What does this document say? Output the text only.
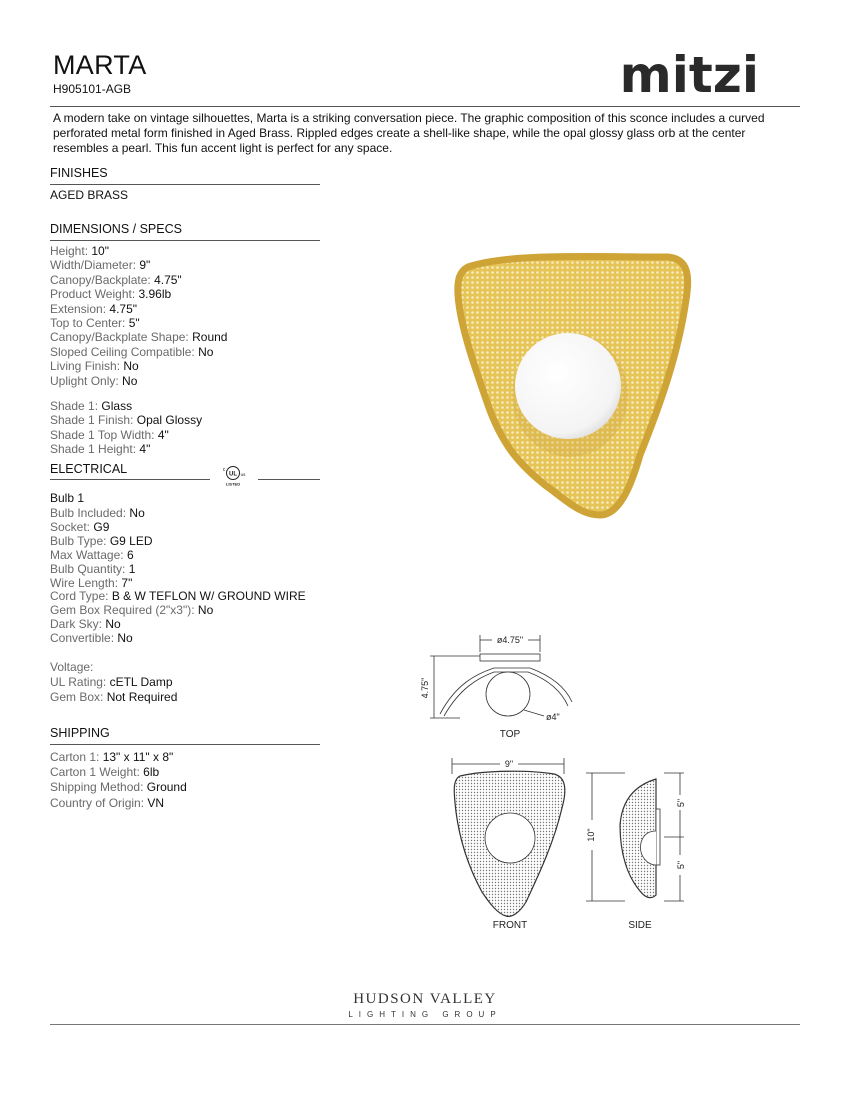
MARTA
H905101-AGB	mitzi
A modern take on vintage silhouettes, Marta is a striking conversation piece. The graphic composition of this sconce includes a curved perforated metal form finished in Aged Brass. Rippled edges create a shell-like shape, while the opal glossy glass orb at the center resembles a pearl. This fun accent light is perfect for any space.
FINISHES
AGED BRASS
DIMENSIONS / SPECS
Height: 10"
Width/Diameter: 9"
Canopy/Backplate: 4.75"
Product Weight: 3.96lb
Extension: 4.75"
Top to Center: 5"
Canopy/Backplate Shape: Round
Sloped Ceiling Compatible: No
Living Finish: No
Uplight Only: No
Shade 1: Glass
Shade 1 Finish: Opal Glossy
Shade 1 Top Width: 4"
Shade 1 Height: 4"
ELECTRICAL	UL
c
us
LISTED
Bulb 1
Bulb Included: No
Socket: G9
Bulb Type: G9 LED
Max Wattage: 6
Bulb Quantity: 1
Wire Length: 7"
Cord Type: B & W TEFLON W/ GROUND WIRE
Gem Box Required (2"x3"): No
Dark Sky: No
Convertible: No
Voltage:
UL Rating: cETL Damp
Gem Box: Not Required
SHIPPING
Carton 1: 13" x 11" x 8"
Carton 1 Weight: 6lb
Shipping Method: Ground
Country of Origin: VN
ø4.75"
4.75"
ø4"
TOP
9"
FRONT
10"
5"
5"
SIDE
HUDSON VALLEY
LIGHTING GROUP
